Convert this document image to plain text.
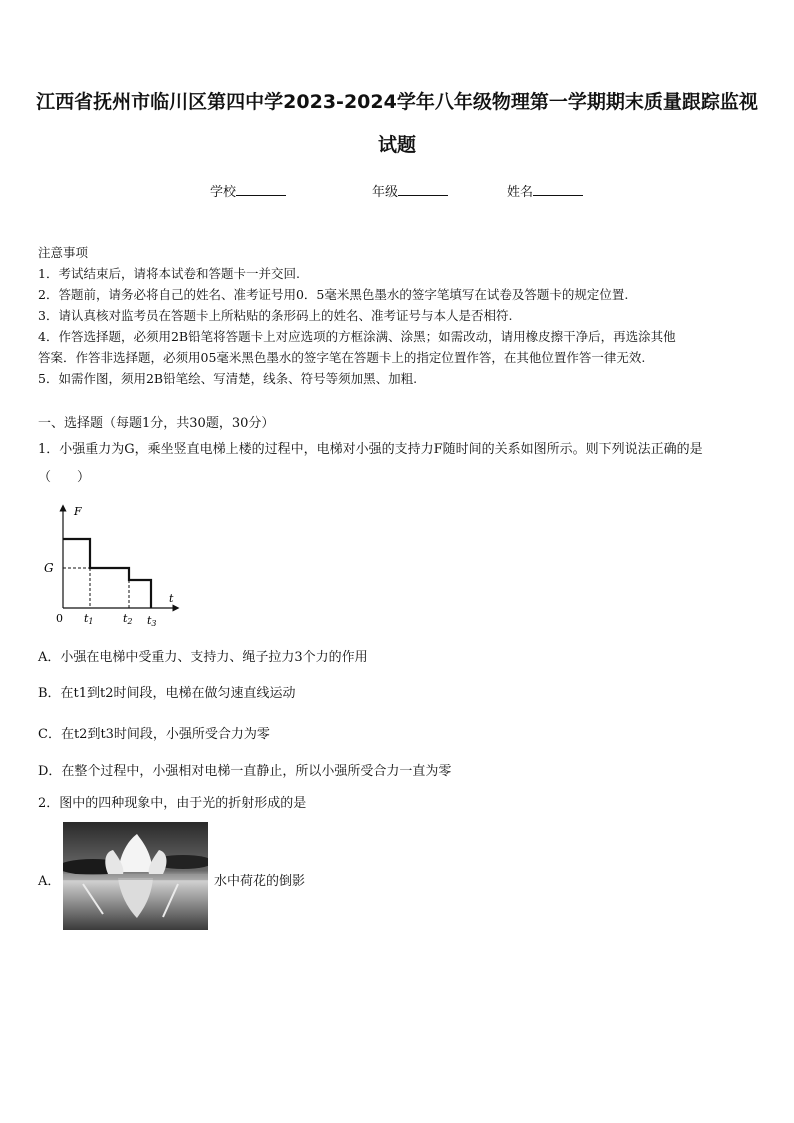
江西省抚州市临川区第四中学2023-2024学年八年级物理第一学期期末质量跟踪监视
试题
学校	年级	姓名
注意事项
1．考试结束后，请将本试卷和答题卡一并交回.
2．答题前，请务必将自己的姓名、准考证号用0．5毫米黑色墨水的签字笔填写在试卷及答题卡的规定位置.
3．请认真核对监考员在答题卡上所粘贴的条形码上的姓名、准考证号与本人是否相符.
4．作答选择题，必须用2B铅笔将答题卡上对应选项的方框涂满、涂黑；如需改动，请用橡皮擦干净后，再选涂其他
答案．作答非选择题，必须用05毫米黑色墨水的签字笔在答题卡上的指定位置作答，在其他位置作答一律无效.
5．如需作图，须用2B铅笔绘、写清楚，线条、符号等须加黑、加粗.
一、选择题（每题1分，共30题，30分）
1．小强重力为G，乘坐竖直电梯上楼的过程中，电梯对小强的支持力F随时间的关系如图所示。则下列说法正确的是
（　　）
F
t
G
0 t1	t2 t3
A．小强在电梯中受重力、支持力、绳子拉力3个力的作用
B．在t1到t2时间段，电梯在做匀速直线运动
C．在t2到t3时间段，小强所受合力为零
D．在整个过程中，小强相对电梯一直静止，所以小强所受合力一直为零
2．图中的四种现象中，由于光的折射形成的是
A．	水中荷花的倒影
